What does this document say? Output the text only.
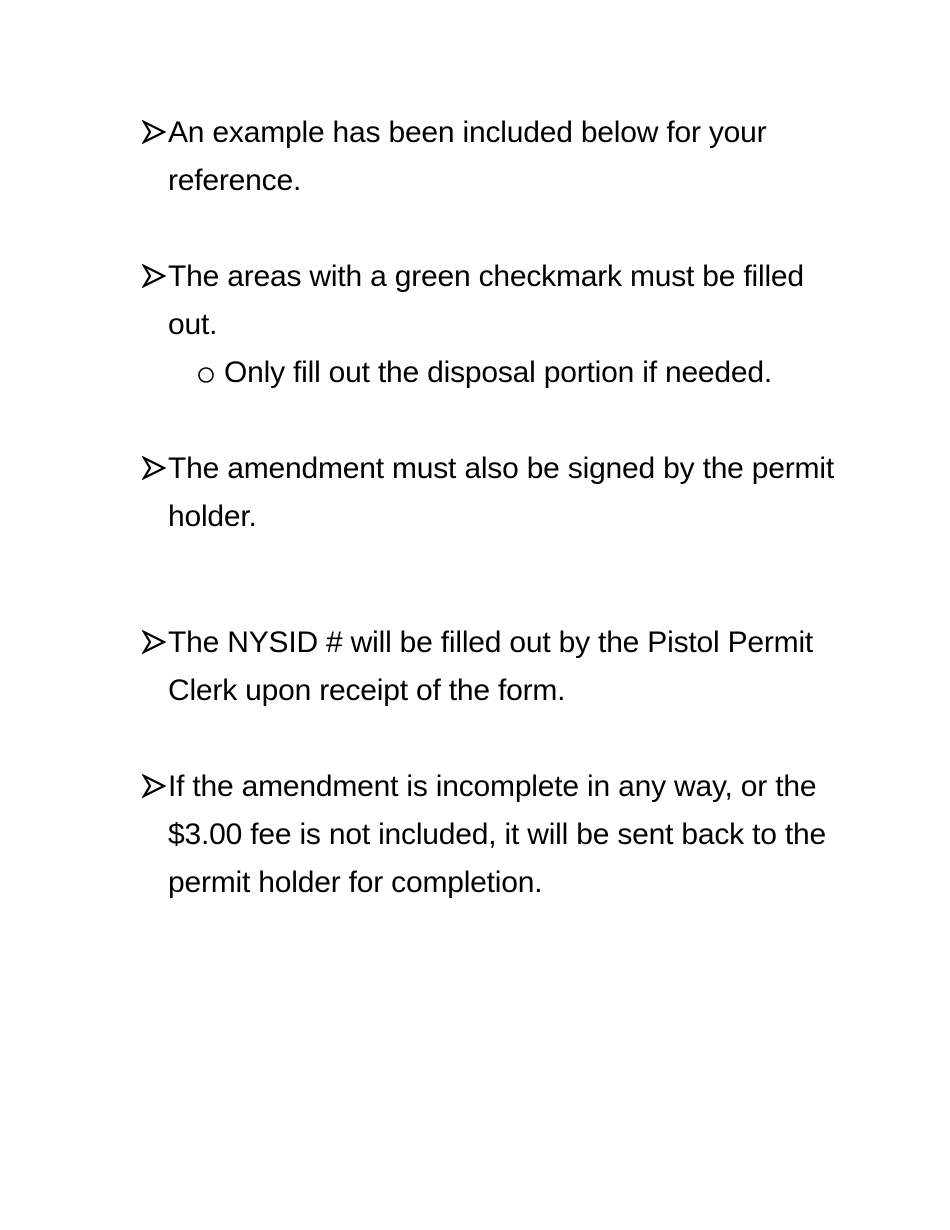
An example has been included below for your reference.
The areas with a green checkmark must be filled out.
Only fill out the disposal portion if needed.
The amendment must also be signed by the permit holder.
The NYSID # will be filled out by the Pistol Permit Clerk upon receipt of the form.
If the amendment is incomplete in any way, or the $3.00 fee is not included, it will be sent back to the permit holder for completion.
